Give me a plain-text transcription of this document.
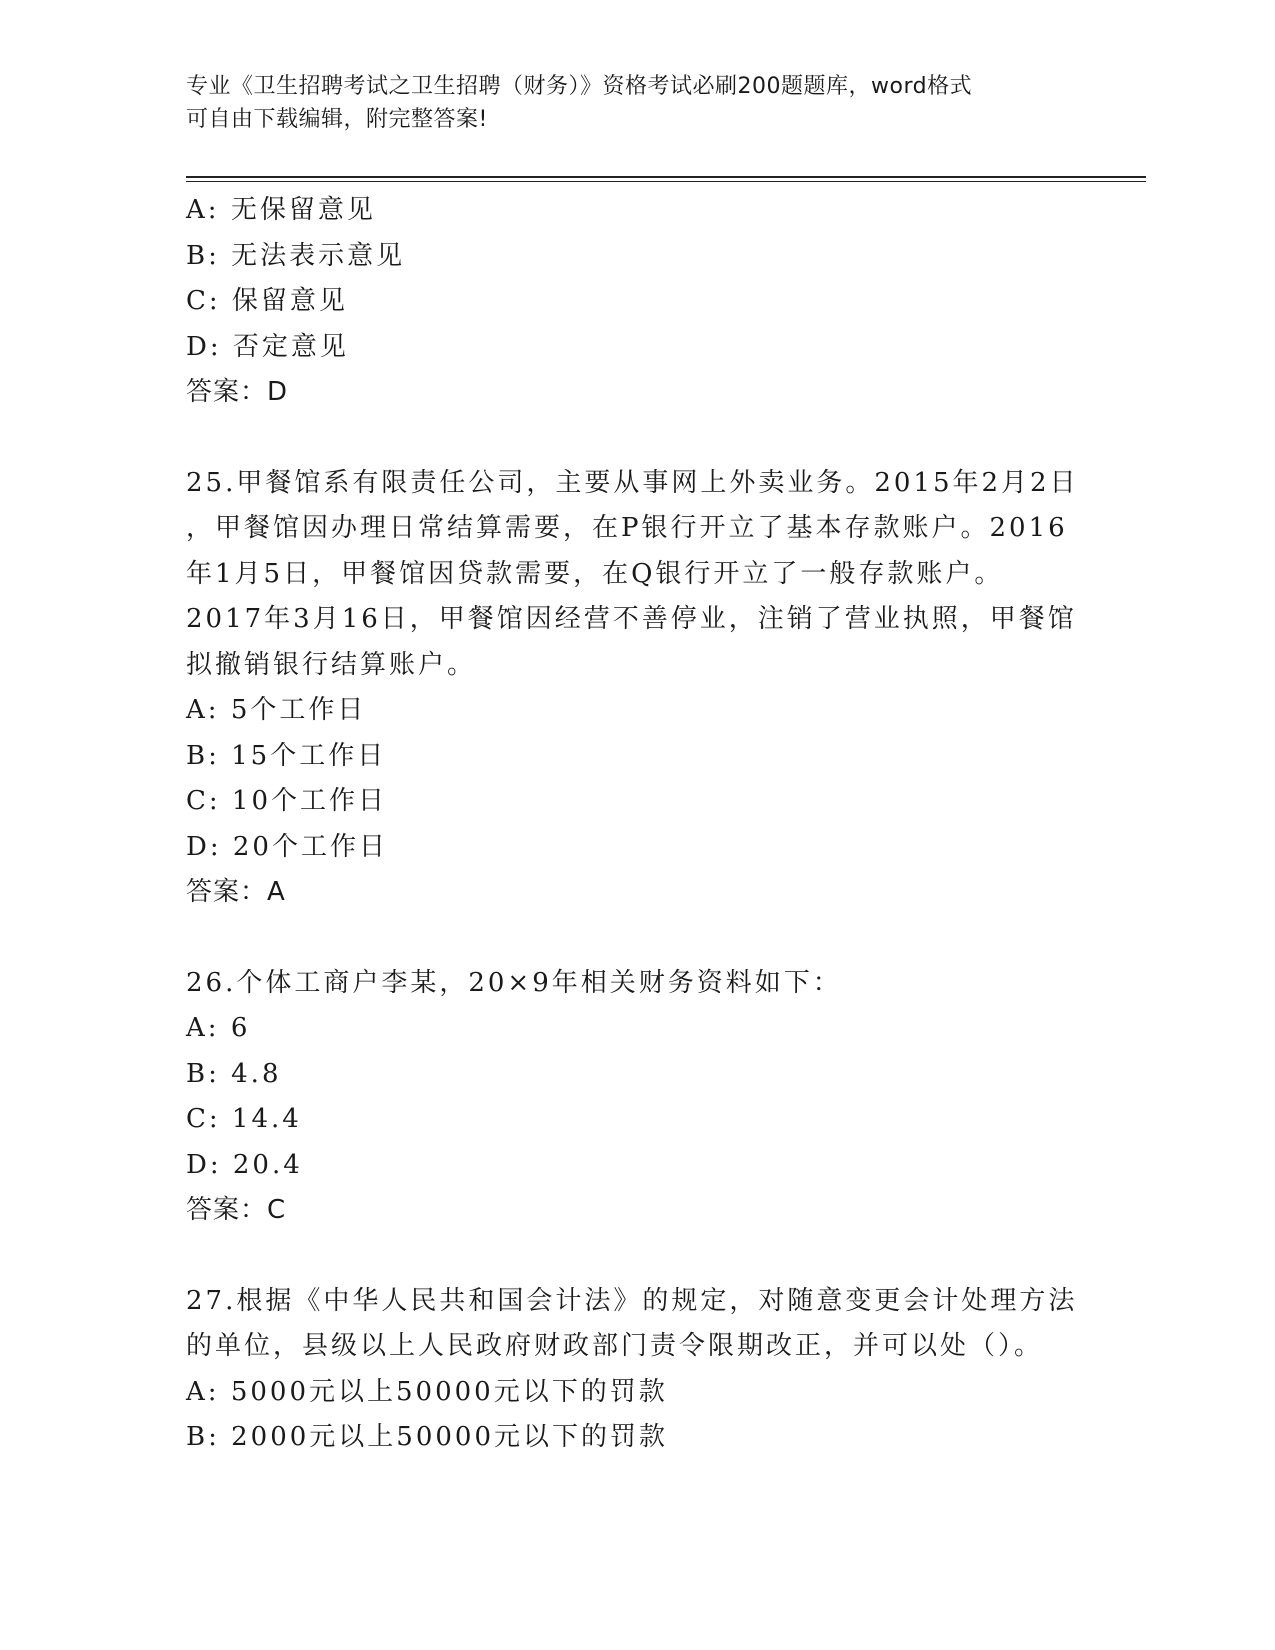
专业《卫生招聘考试之卫生招聘（财务）》资格考试必刷200题题库，word格式
可自由下载编辑，附完整答案!
A: 无保留意见
B: 无法表示意见
C: 保留意见
D: 否定意见
答案：D
25.甲餐馆系有限责任公司，主要从事网上外卖业务。2015年2月2日
，甲餐馆因办理日常结算需要，在P银行开立了基本存款账户。2016
年1月5日，甲餐馆因贷款需要，在Q银行开立了一般存款账户。
2017年3月16日，甲餐馆因经营不善停业，注销了营业执照，甲餐馆
拟撤销银行结算账户。
A: 5个工作日
B: 15个工作日
C: 10个工作日
D: 20个工作日
答案：A
26.个体工商户李某，20×9年相关财务资料如下：
A: 6
B: 4.8
C: 14.4
D: 20.4
答案：C
27.根据《中华人民共和国会计法》的规定，对随意变更会计处理方法
的单位，县级以上人民政府财政部门责令限期改正，并可以处（）。
A: 5000元以上50000元以下的罚款
B: 2000元以上50000元以下的罚款
